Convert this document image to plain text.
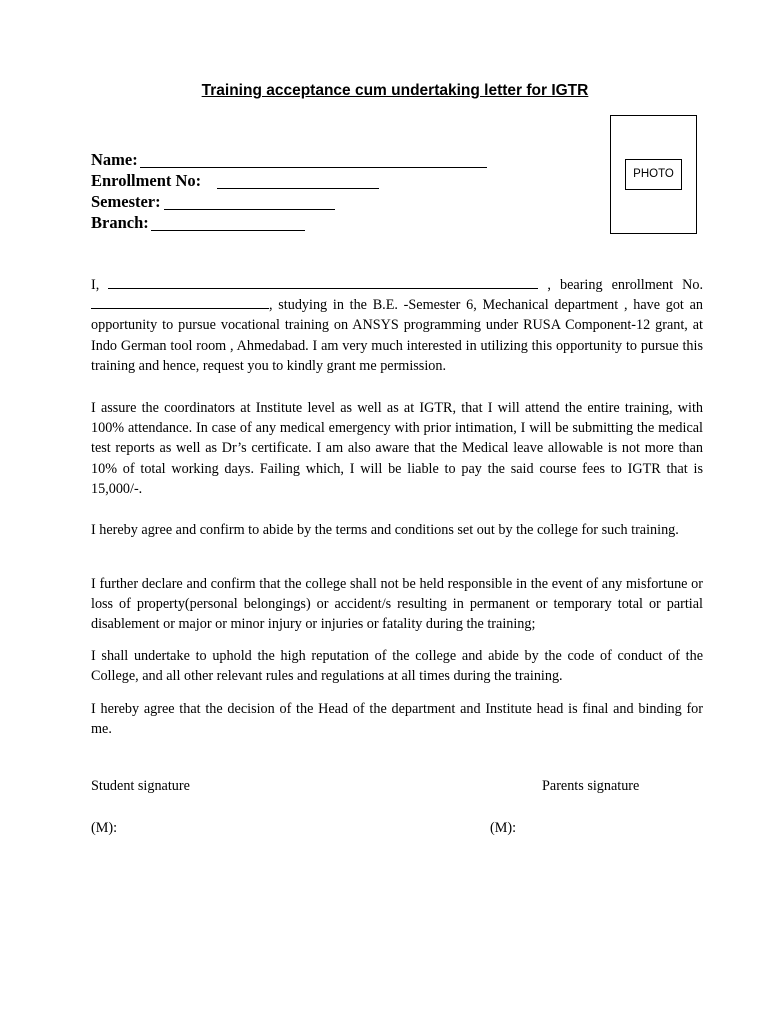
Training acceptance cum undertaking letter for IGTR
PHOTO
Name:
Enrollment No:
Semester:
Branch:
I,	, bearing enrollment No. , studying in the B.E. -Semester 6, Mechanical department , have got an opportunity to pursue vocational training on ANSYS programming under RUSA Component-12 grant, at Indo German tool room , Ahmedabad. I am very much interested in utilizing this opportunity to pursue this training and hence, request you to kindly grant me permission.
I assure the coordinators at Institute level as well as at IGTR, that I will attend the entire training, with 100% attendance. In case of any medical emergency with prior intimation, I will be submitting the medical test reports as well as Dr’s certificate. I am also aware that the Medical leave allowable is not more than 10% of total working days. Failing which, I will be liable to pay the said course fees to IGTR that is 15,000/-.
I hereby agree and confirm to abide by the terms and conditions set out by the college for such training.
I further declare and confirm that the college shall not be held responsible in the event of any misfortune or loss of property(personal belongings) or accident/s resulting in permanent or temporary total or partial disablement or major or minor injury or injuries or fatality during the training;
I shall undertake to uphold the high reputation of the college and abide by the code of conduct of the College, and all other relevant rules and regulations at all times during the training.
I hereby agree that the decision of the Head of the department and Institute head is final and binding for me.
Student signature	Parents signature
(M):	(M):
